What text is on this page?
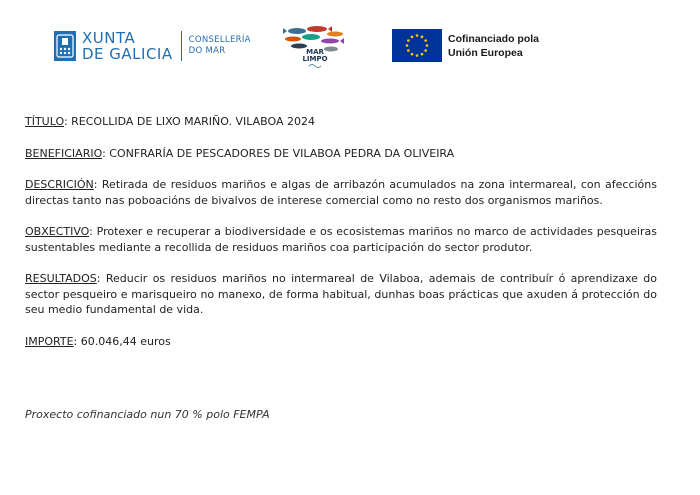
XUNTA
DE GALICIA
CONSELLERÍA
DO MAR	MAR
LIMPO
Cofinanciado pola
Unión Europea

TÍTULO: RECOLLIDA DE LIXO MARIÑO. VILABOA 2024

BENEFICIARIO: CONFRARÍA DE PESCADORES DE VILABOA PEDRA DA OLIVEIRA

DESCRICIÓN: Retirada de residuos mariños e algas de arribazón acumulados na zona intermareal, con afeccións directas tanto nas poboacións de bivalvos de interese comercial como no resto dos organismos mariños.

OBXECTIVO: Protexer e recuperar a biodiversidade e os ecosistemas mariños no marco de actividades pesqueiras sustentables mediante a recollida de residuos mariños coa participación do sector produtor.

RESULTADOS: Reducir os residuos mariños no intermareal de Vilaboa, ademais de contribuír ó aprendizaxe do sector pesqueiro e marisqueiro no manexo, de forma habitual, dunhas boas prácticas que axuden á protección do seu medio fundamental de vida.

IMPORTE: 60.046,44 euros

Proxecto cofinanciado nun 70 % polo FEMPA
